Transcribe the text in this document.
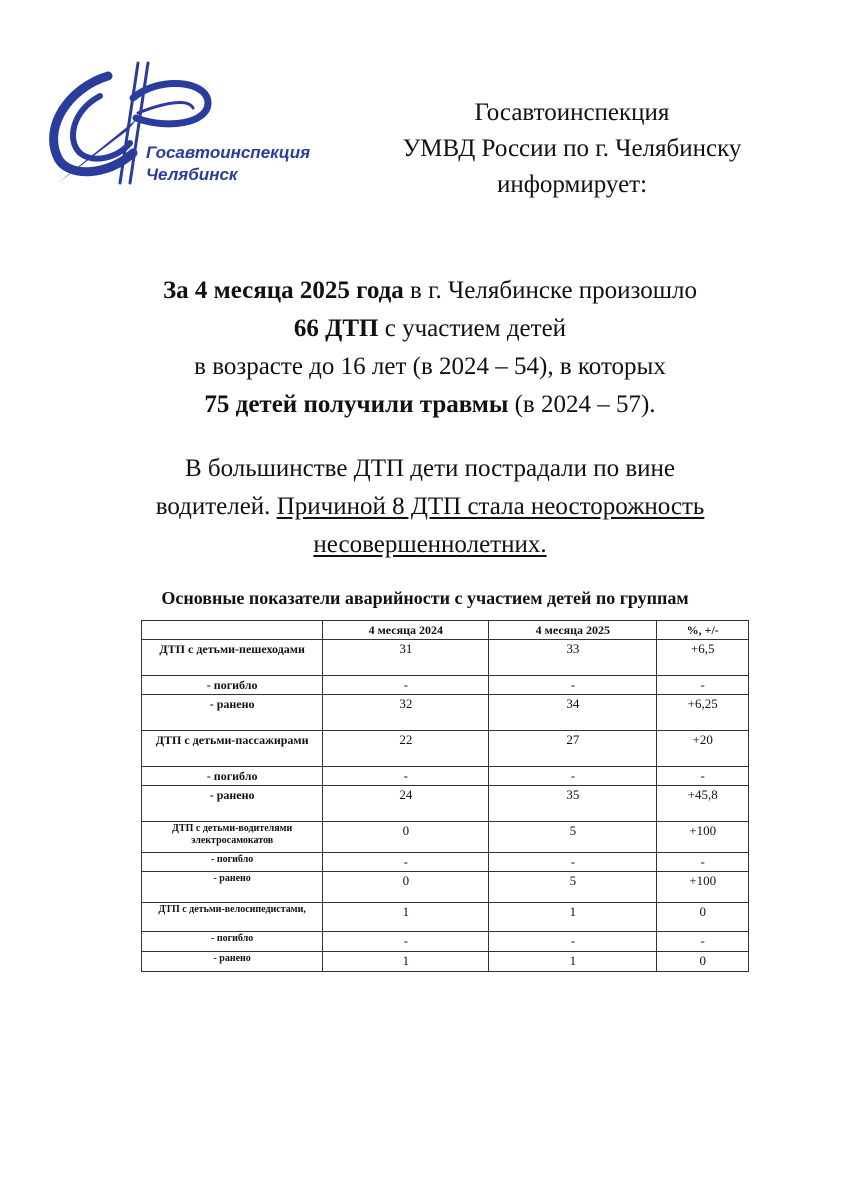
Госавтоинспекция
Челябинск
Госавтоинспекция
УМВД России по г. Челябинску
информирует:
За 4 месяца 2025 года в г. Челябинске произошло
66 ДТП с участием детей
в возрасте до 16 лет (в 2024 – 54), в которых
75 детей получили травмы (в 2024 – 57).
В большинстве ДТП дети пострадали по вине
водителей. Причиной 8 ДТП стала неосторожность
несовершеннолетних.
Основные показатели аварийности с участием детей по группам
	4 месяца 2024	4 месяца 2025	%, +/-
ДТП с детьми-пешеходами	31	33	+6,5
- погибло	-	-	-
- ранено	32	34	+6,25
ДТП с детьми-пассажирами	22	27	+20
- погибло	-	-	-
- ранено	24	35	+45,8
ДТП с детьми-водителями электросамокатов	0	5	+100
- погибло	-	-	-
- ранено	0	5	+100
ДТП с детьми-велосипедистами,	1	1	0
- погибло	-	-	-
- ранено	1	1	0
